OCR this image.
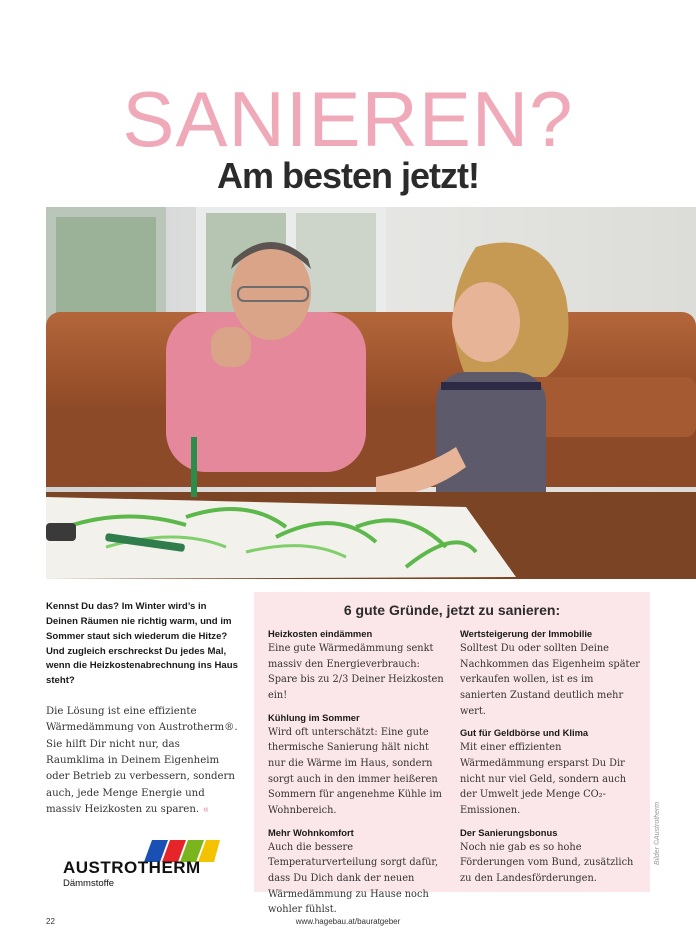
SANIEREN?
Am besten jetzt!

Kennst Du das? Im Winter wird’s in Deinen Räumen nie richtig warm, und im Sommer staut sich wiederum die Hitze? Und zugleich erschreckst Du jedes Mal, wenn die Heizkostenabrechnung ins Haus steht?

Die Lösung ist eine effiziente Wärmedämmung von Austrotherm®. Sie hilft Dir nicht nur, das Raumklima in Deinem Eigenheim oder Betrieb zu verbessern, sondern auch, jede Menge Energie und massiv Heizkosten zu sparen. «

6 gute Gründe, jetzt zu sanieren:
Heizkosten eindämmen

Eine gute Wärmedämmung senkt massiv den Energieverbrauch: Spare bis zu 2/3 Deiner Heizkosten ein!

Kühlung im Sommer

Wird oft unterschätzt: Eine gute thermische Sanierung hält nicht nur die Wärme im Haus, sondern sorgt auch in den immer heißeren Sommern für angenehme Kühle im Wohnbereich.

Mehr Wohnkomfort

Auch die bessere Temperaturverteilung sorgt dafür, dass Du Dich dank der neuen Wärmedämmung zu Hause noch wohler fühlst.

Wertsteigerung der Immobilie

Solltest Du oder sollten Deine Nachkommen das Eigenheim später verkaufen wollen, ist es im sanierten Zustand deutlich mehr wert.

Gut für Geldbörse und Klima

Mit einer effizienten Wärmedämmung ersparst Du Dir nicht nur viel Geld, sondern auch der Umwelt jede Menge CO₂-Emissionen.

Der Sanierungsbonus

Noch nie gab es so hohe Förderungen vom Bund, zusätzlich zu den Landesförderungen.

Bilder ©Austrotherm
AUSTROTHERM
Dämmstoffe
22	www.hagebau.at/bauratgeber
